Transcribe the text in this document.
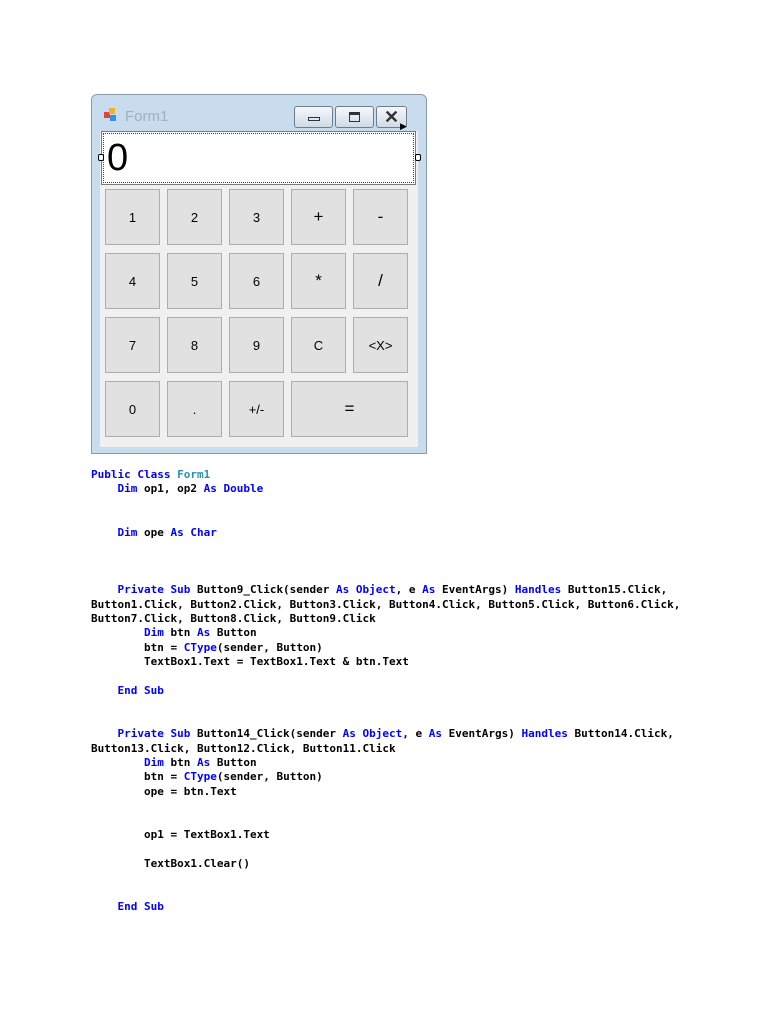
Form1	✕ ▶
0
1	2	3	+	-
4	5	6	*	/
7	8	9	C	<X>
0	.	+/-	=
Public Class Form1
Dim op1, op2 As Double
Dim ope As Char
Private Sub Button9_Click(sender As Object, e As EventArgs) Handles Button15.Click,
Button1.Click, Button2.Click, Button3.Click, Button4.Click, Button5.Click, Button6.Click,
Button7.Click, Button8.Click, Button9.Click
Dim btn As Button
btn = CType(sender, Button)
TextBox1.Text = TextBox1.Text & btn.Text
End Sub
Private Sub Button14_Click(sender As Object, e As EventArgs) Handles Button14.Click,
Button13.Click, Button12.Click, Button11.Click
Dim btn As Button
btn = CType(sender, Button)
ope = btn.Text
op1 = TextBox1.Text
TextBox1.Clear()
End Sub
